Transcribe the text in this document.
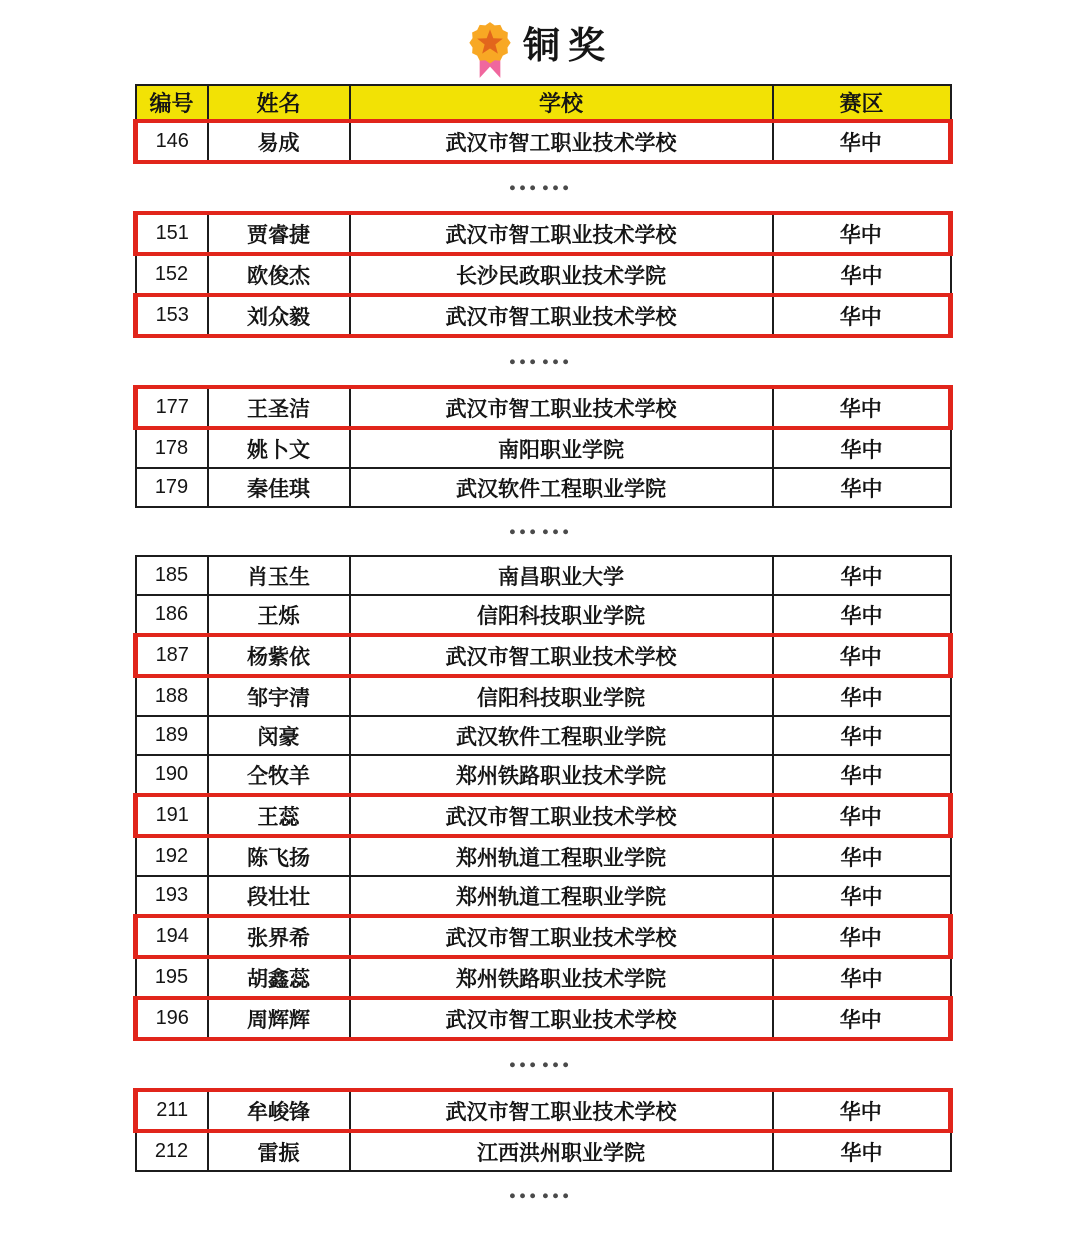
铜奖
编号	姓名	学校	赛区
146	易成	武汉市智工职业技术学校	华中
……
151	贾睿捷	武汉市智工职业技术学校	华中
152	欧俊杰	长沙民政职业技术学院	华中
153	刘众毅	武汉市智工职业技术学校	华中
……
177	王圣洁	武汉市智工职业技术学校	华中
178	姚卜文	南阳职业学院	华中
179	秦佳琪	武汉软件工程职业学院	华中
……
185	肖玉生	南昌职业大学	华中
186	王烁	信阳科技职业学院	华中
187	杨紫依	武汉市智工职业技术学校	华中
188	邹宇清	信阳科技职业学院	华中
189	闵豪	武汉软件工程职业学院	华中
190	仝牧羊	郑州铁路职业技术学院	华中
191	王蕊	武汉市智工职业技术学校	华中
192	陈飞扬	郑州轨道工程职业学院	华中
193	段壮壮	郑州轨道工程职业学院	华中
194	张界希	武汉市智工职业技术学校	华中
195	胡鑫蕊	郑州铁路职业技术学院	华中
196	周辉辉	武汉市智工职业技术学校	华中
……
211	牟峻锋	武汉市智工职业技术学校	华中
212	雷振	江西洪州职业学院	华中
……
